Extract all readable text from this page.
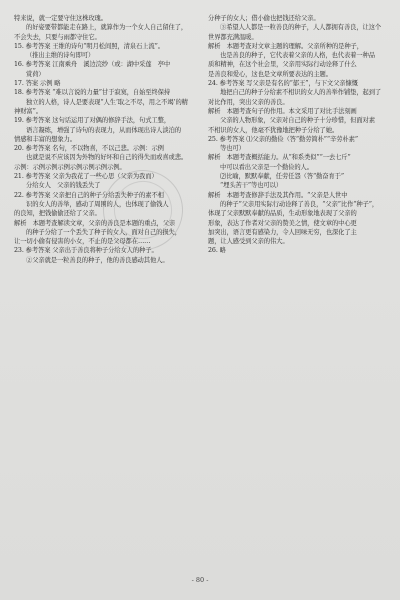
特来说，就一定要守住这株玫瑰。

的好姿要带都能走在路上，就算作为一个女人自己留住了，

不会失去，只要与雨都守住它。

15. 参考答案 王维的诗句“明月松间照，清泉石上流”。

（推出主维的诗句即可）

16. 参考答案 江南乘舟　溪边浣纱（或：湖中采莲　亭中

赏荷）

17. 答案 示例 略

18. 参考答案 “难以言说的力量”甘于寂寞，自始至终保持

独立的人格，诗人是要表现“人生‘取之不尽，用之不竭’的精

神财富”。

19. 参考答案 这句话运用了对偶的修辞手法，句式工整，

语言凝练，增强了诗句的表现力，从而体现出诗人淡泊的

情感和丰富的想象力。

20. 参考答案 名句，不以物喜，不以己悲。示例：示例

也就是说不应该因为外物的好坏和自己的得失而或喜或悲。

示例：示例示例示例示例示例示例示例。

21. 参考答案 父亲为我花了一些心思（父亲为我而）

分给女人　父亲的钱丢失了

22. 参考答案 父亲把自己的种子分给丢失种子的素不相

识的女人的善举，感动了周围的人，也体现了偷钱人

的良知，把钱偷偷还给了父亲。

解析　本题考查解读文章，父亲的善良是本题的重点，父亲

的种子分给了一个丢失了种子的女人，面对自己的损失，

让一切小偷有侵害的小女，不止的是父母都在……

23. 参考答案 父亲出于善良将种子分给女人的种子。

②父亲就是一粒善良的种子，他的善良感动其他人。

分种子的女人；借小偷也把钱还给父亲。

③希望人人都是一粒善良的种子，人人都拥有善良，让这个

世界都充满温暖。

解析　本题考查对文章主题的理解。父亲所种的是种子，

也是善良的种子，它代表着父亲的人格，也代表着一种品

质和精神，在这个社会里，父亲用实际行动诠释了什么

是善良和爱心，这也是文章所要表达的主题。

24. 参考答案 写父亲是有名的“郁王”，与下文父亲慷慨

地把自己的种子分给素不相识的女人的善举作铺垫，起到了

对比作用，突出父亲的善良。

解析　本题考查句子的作用。本文采用了对比手法刻画

父亲的人物形象，父亲对自己的种子十分珍惜，但面对素

不相识的女人，他毫不犹豫地把种子分给了她。

25. 参考答案 ⑴父亲的勤俭（答“勤劳简朴”“辛劳朴素”

等也可）

解析　本题考查概括能力。从“和系类似”“一去七斤”

中可以看出父亲是一个勤俭的人。

⑵比喻，默默奉献，任劳任怨（答“勤奋育于”

“埋头苦干”等也可以）

解析　本题考查修辞手法及其作用。“父亲是人世中

的种子”父亲用实际行动诠释了善良，“父亲”比作“种子”，

体现了父亲默默奉献的品质，生动形象地表现了父亲的

形象，表达了作者对父亲的赞美之情，使文章的中心更

加突出，语言更有感染力，令人回味无穷，也深化了主

题，让人感受到父亲的伟大。

26. 略

- 80 -
